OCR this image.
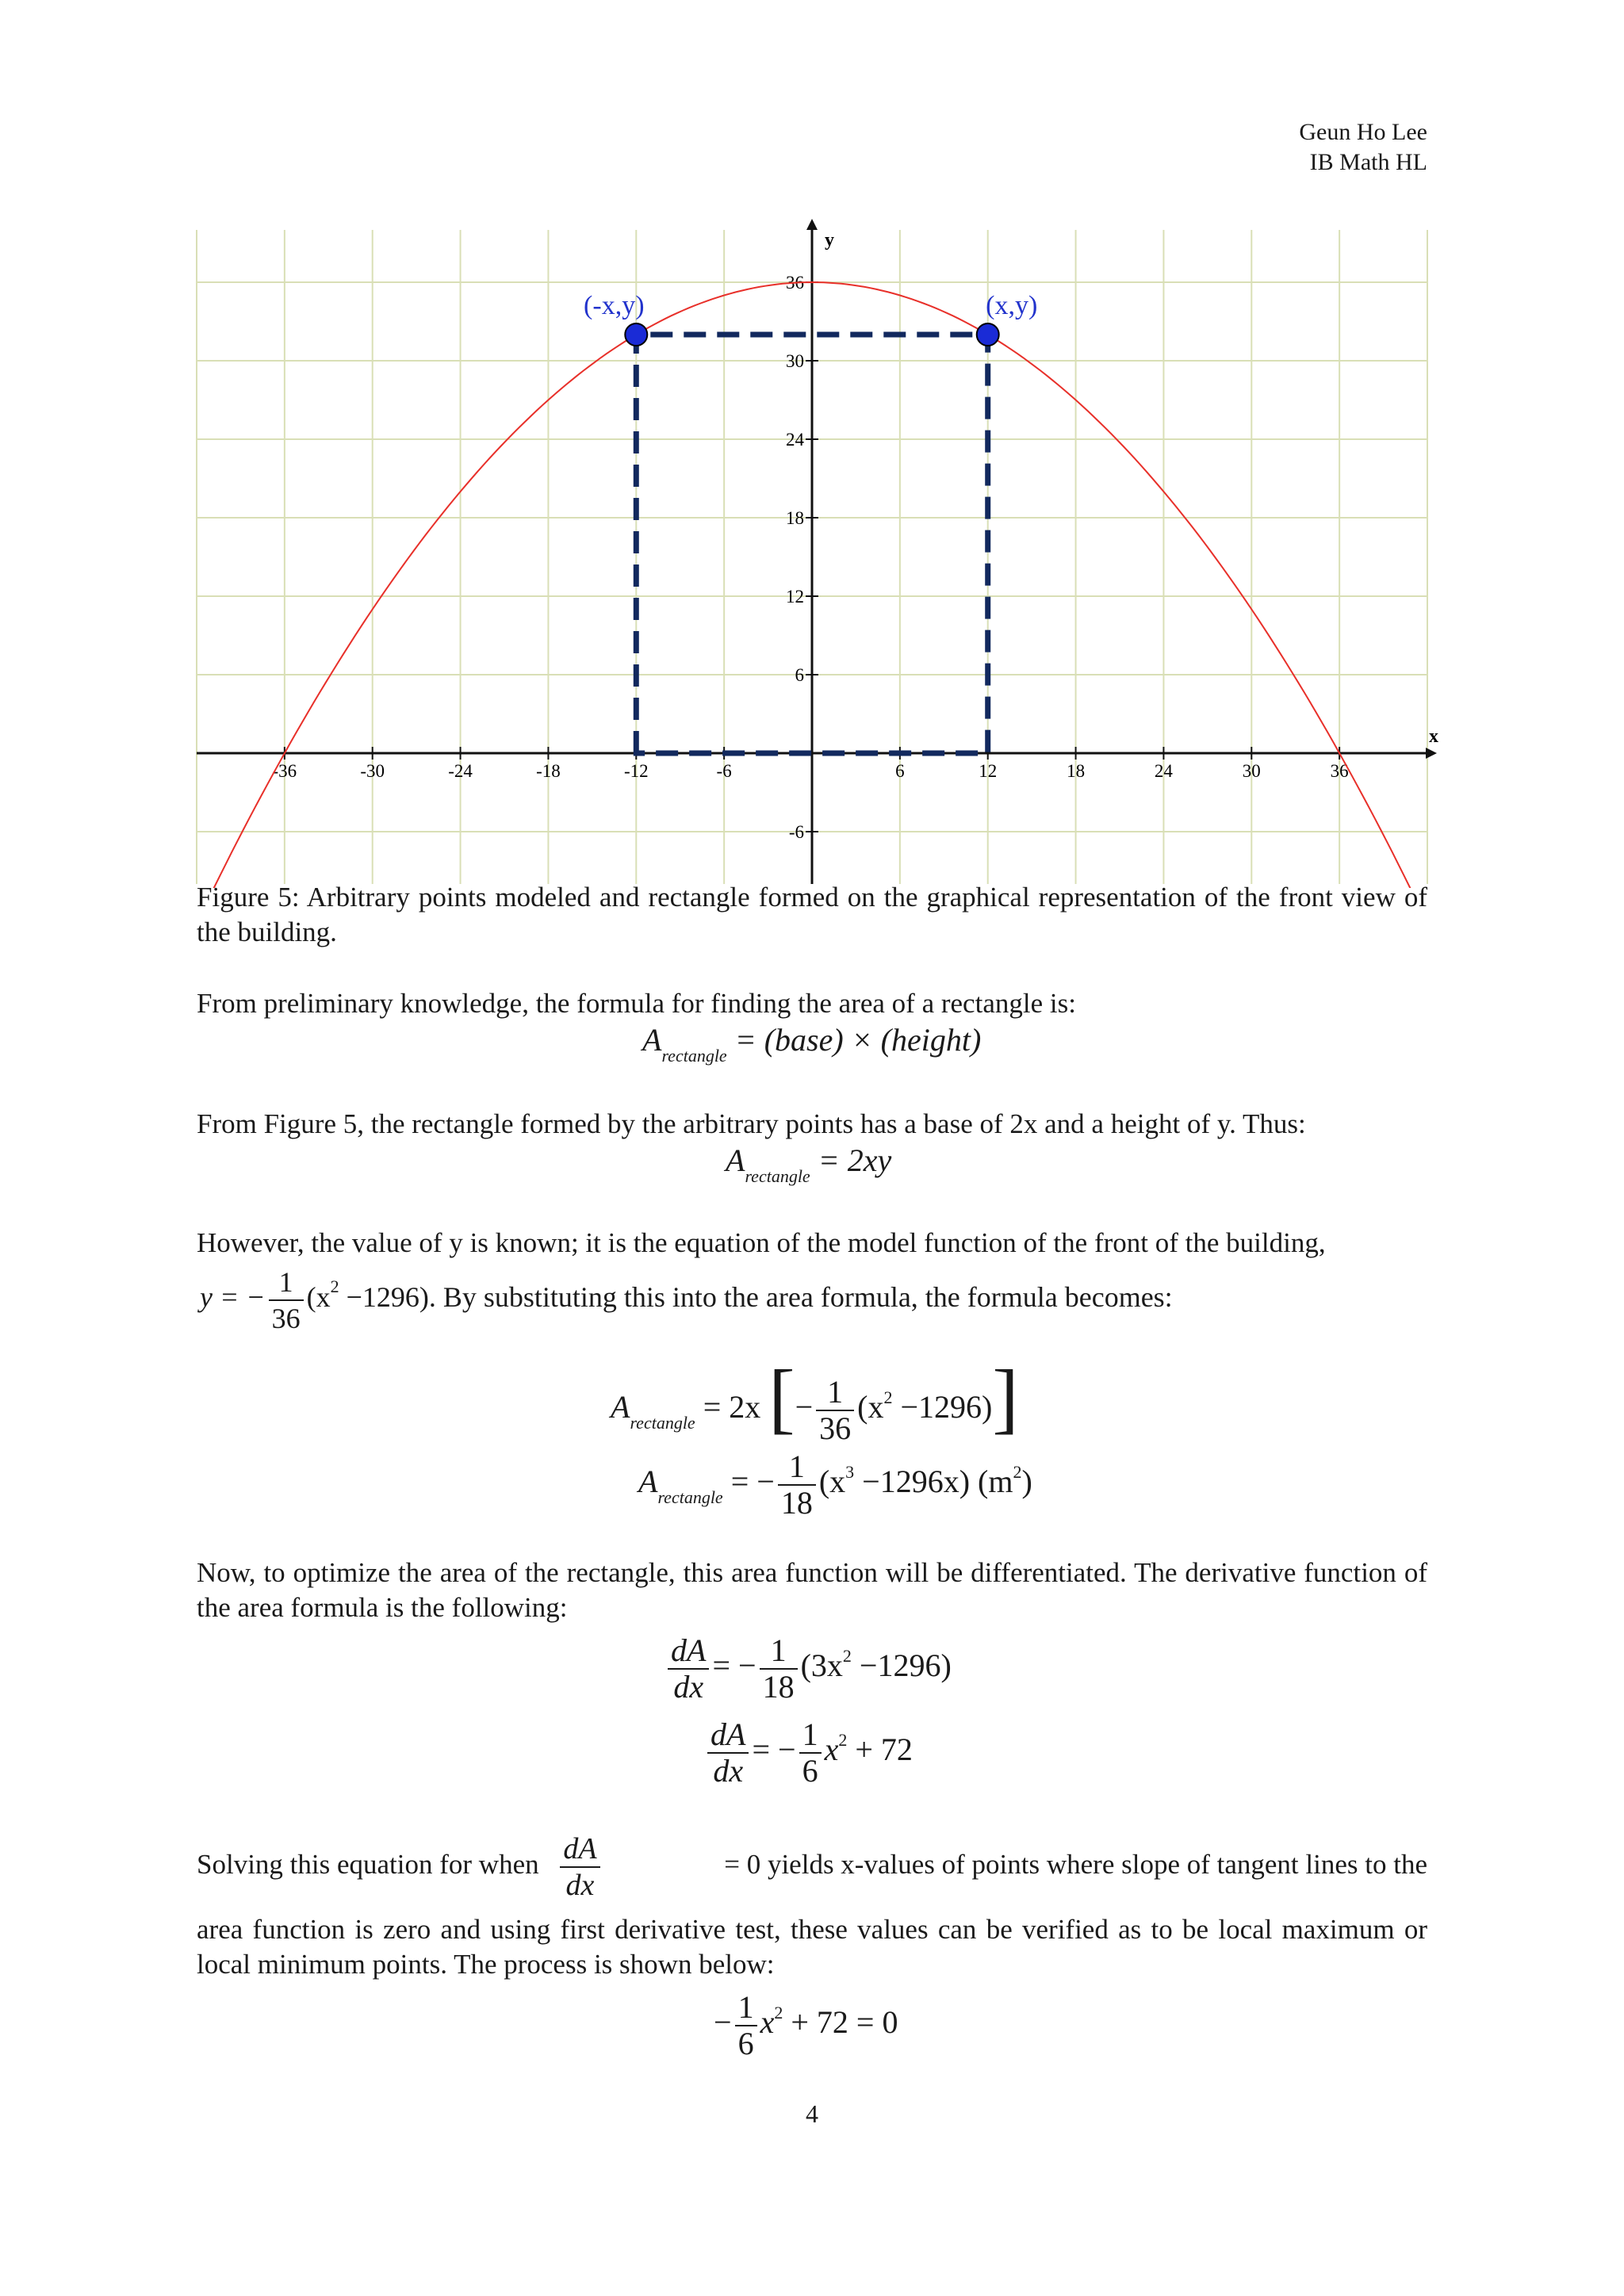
Geun Ho Lee
IB Math HL
x
y
-36	-30	-24	-18	-12	-6	6	12	18	24	30	36
36
30
24
18
12
6
-6
(-x,y)	(x,y)
Figure 5: Arbitrary points modeled and rectangle formed on the graphical representation of the front view of the building.
From preliminary knowledge, the formula for finding the area of a rectangle is:
$A_{rectangle}$ = (base) × (height)
From Figure 5, the rectangle formed by the arbitrary points has a base of 2x and a height of y. Thus:
$A_{rectangle} = 2xy$
However, the value of y is known; it is the equation of the model function of the front of the building,
y = − $\frac{1}{36} (x^2 -1296)$. By substituting this into the area formula, the formula becomes:
$A_{rectangle} = 2x$ [− $\frac{1}{36} (x^2 -1296)$]
$A_{rectangle}$ = − $\frac{1}{18} (x^3 -1296x)$ $(m^2)$
Now, to optimize the area of the rectangle, this area function will be differentiated. The derivative function of the area formula is the following:
$\frac{dA}{dx}$ = − $\frac{1}{18} (3x^2 -1296)$
$\frac{dA}{dx}$ = − $\frac{1}{6} x^2 + 72$
Solving this equation for when $\frac{dA}{dx}$	= 0 yields x-values of points where slope of tangent lines to the
area function is zero and using first derivative test, these values can be verified as to be local maximum or local minimum points. The process is shown below:
− $\frac{1}{6} x^2 + 72 = 0$
4
